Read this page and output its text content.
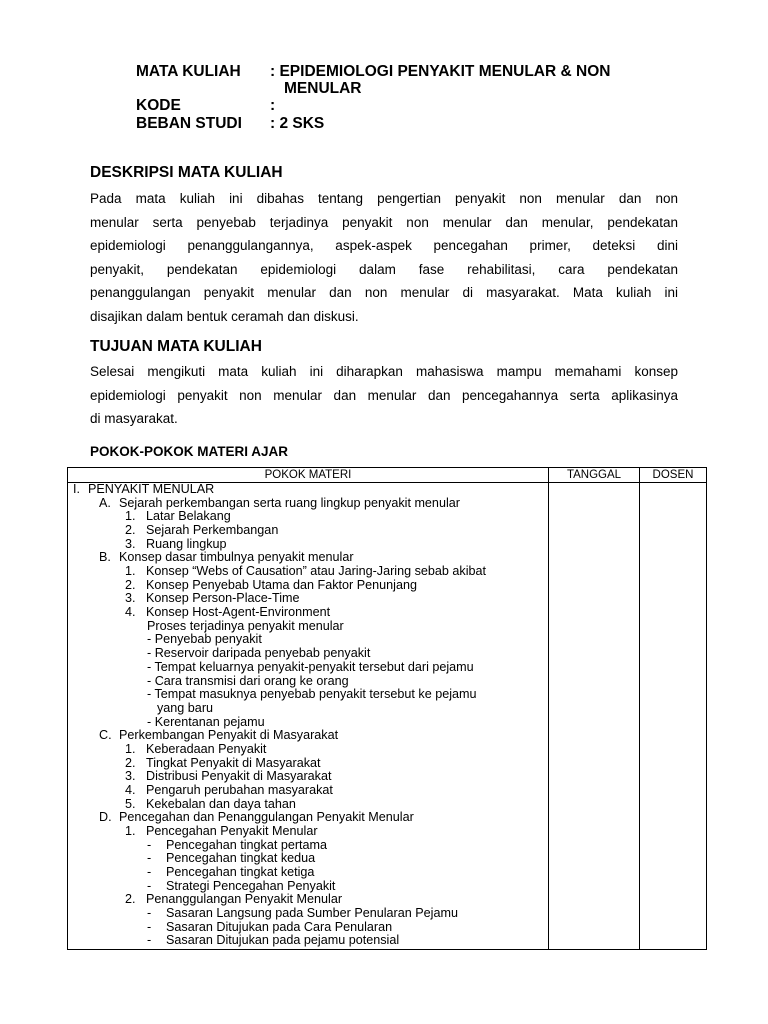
MATA KULIAH : EPIDEMIOLOGI PENYAKIT MENULAR & NON
MENULAR
KODE	:
BEBAN STUDI : 2 SKS
DESKRIPSI MATA KULIAH
Pada mata kuliah ini dibahas tentang pengertian penyakit non menular dan non
menular serta penyebab terjadinya penyakit non menular dan menular, pendekatan
epidemiologi penanggulangannya, aspek-aspek pencegahan primer, deteksi dini
penyakit, pendekatan epidemiologi dalam fase rehabilitasi, cara pendekatan
penanggulangan penyakit menular dan non menular di masyarakat. Mata kuliah ini
disajikan dalam bentuk ceramah dan diskusi.
TUJUAN MATA KULIAH
Selesai mengikuti mata kuliah ini diharapkan mahasiswa mampu memahami konsep
epidemiologi penyakit non menular dan menular dan pencegahannya serta aplikasinya
di masyarakat.
POKOK-POKOK MATERI AJAR
POKOK MATERI	TANGGAL	DOSEN
I. PENYAKIT MENULAR
A. Sejarah perkembangan serta ruang lingkup penyakit menular
1. Latar Belakang
2. Sejarah Perkembangan
3. Ruang lingkup
B. Konsep dasar timbulnya penyakit menular
1. Konsep “Webs of Causation” atau Jaring-Jaring sebab akibat
2. Konsep Penyebab Utama dan Faktor Penunjang
3. Konsep Person-Place-Time
4. Konsep Host-Agent-Environment
Proses terjadinya penyakit menular
- Penyebab penyakit
- Reservoir daripada penyebab penyakit
- Tempat keluarnya penyakit-penyakit tersebut dari pejamu
- Cara transmisi dari orang ke orang
- Tempat masuknya penyebab penyakit tersebut ke pejamu
yang baru
- Kerentanan pejamu
C. Perkembangan Penyakit di Masyarakat
1. Keberadaan Penyakit
2. Tingkat Penyakit di Masyarakat
3. Distribusi Penyakit di Masyarakat
4. Pengaruh perubahan masyarakat
5. Kekebalan dan daya tahan
D. Pencegahan dan Penanggulangan Penyakit Menular
1. Pencegahan Penyakit Menular
- Pencegahan tingkat pertama
- Pencegahan tingkat kedua
- Pencegahan tingkat ketiga
- Strategi Pencegahan Penyakit
2. Penanggulangan Penyakit Menular
- Sasaran Langsung pada Sumber Penularan Pejamu
- Sasaran Ditujukan pada Cara Penularan
- Sasaran Ditujukan pada pejamu potensial
